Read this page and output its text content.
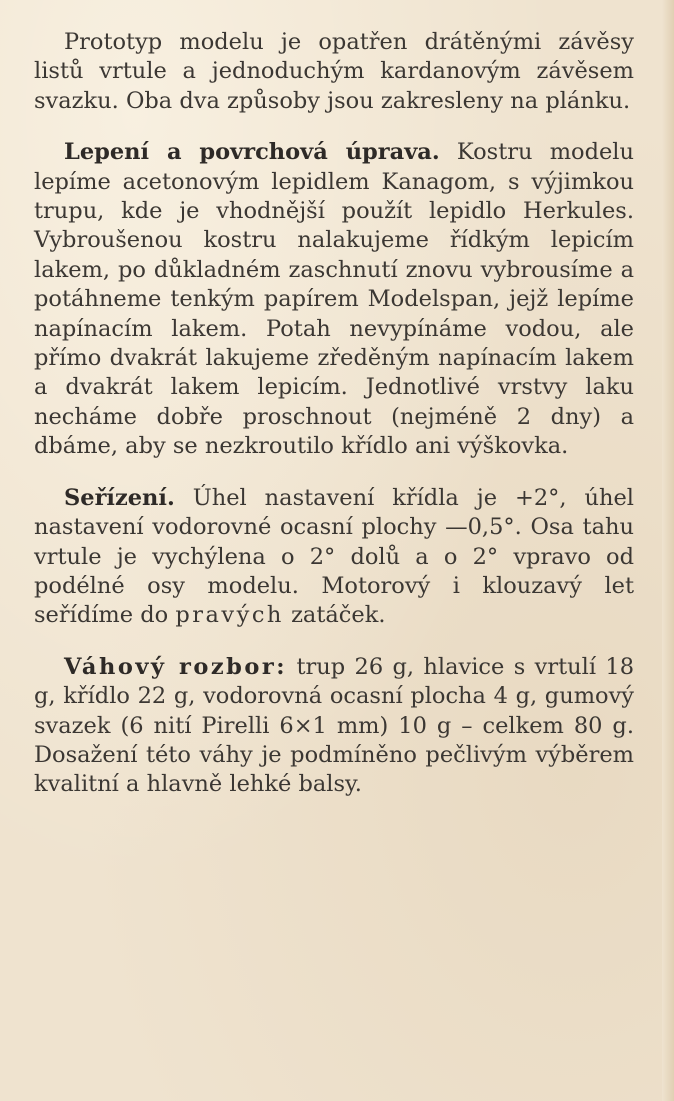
Prototyp modelu je opatřen drátěnými závěsy listů vrtule a jednoduchým kardanovým závěsem svazku. Oba dva způsoby jsou zakresleny na plánku.

Lepení a povrchová úprava. Kostru modelu lepíme acetonovým lepidlem Kanagom, s výjimkou trupu, kde je vhodnější použít lepidlo Herkules. Vybroušenou kostru nalakujeme řídkým lepicím lakem, po důkladném zaschnutí znovu vybrousíme a potáhneme tenkým papírem Modelspan, jejž lepíme napínacím lakem. Potah nevypínáme vodou, ale přímo dvakrát lakujeme zředěným napínacím lakem a dvakrát lakem lepicím. Jednotlivé vrstvy laku necháme dobře proschnout (nejméně 2 dny) a dbáme, aby se nezkroutilo křídlo ani výškovka.

Seřízení. Úhel nastavení křídla je +2°, úhel nastavení vodorovné ocasní plochy —0,5°. Osa tahu vrtule je vychýlena o 2° dolů a o 2° vpravo od podélné osy modelu. Motorový i klouzavý let seřídíme do pravých zatáček.

Váhový rozbor: trup 26 g, hlavice s vrtulí 18 g, křídlo 22 g, vodorovná ocasní plocha 4 g, gumový svazek (6 nití Pirelli 6×1 mm) 10 g – celkem 80 g. Dosažení této váhy je podmíněno pečlivým výběrem kvalitní a hlavně lehké balsy.
